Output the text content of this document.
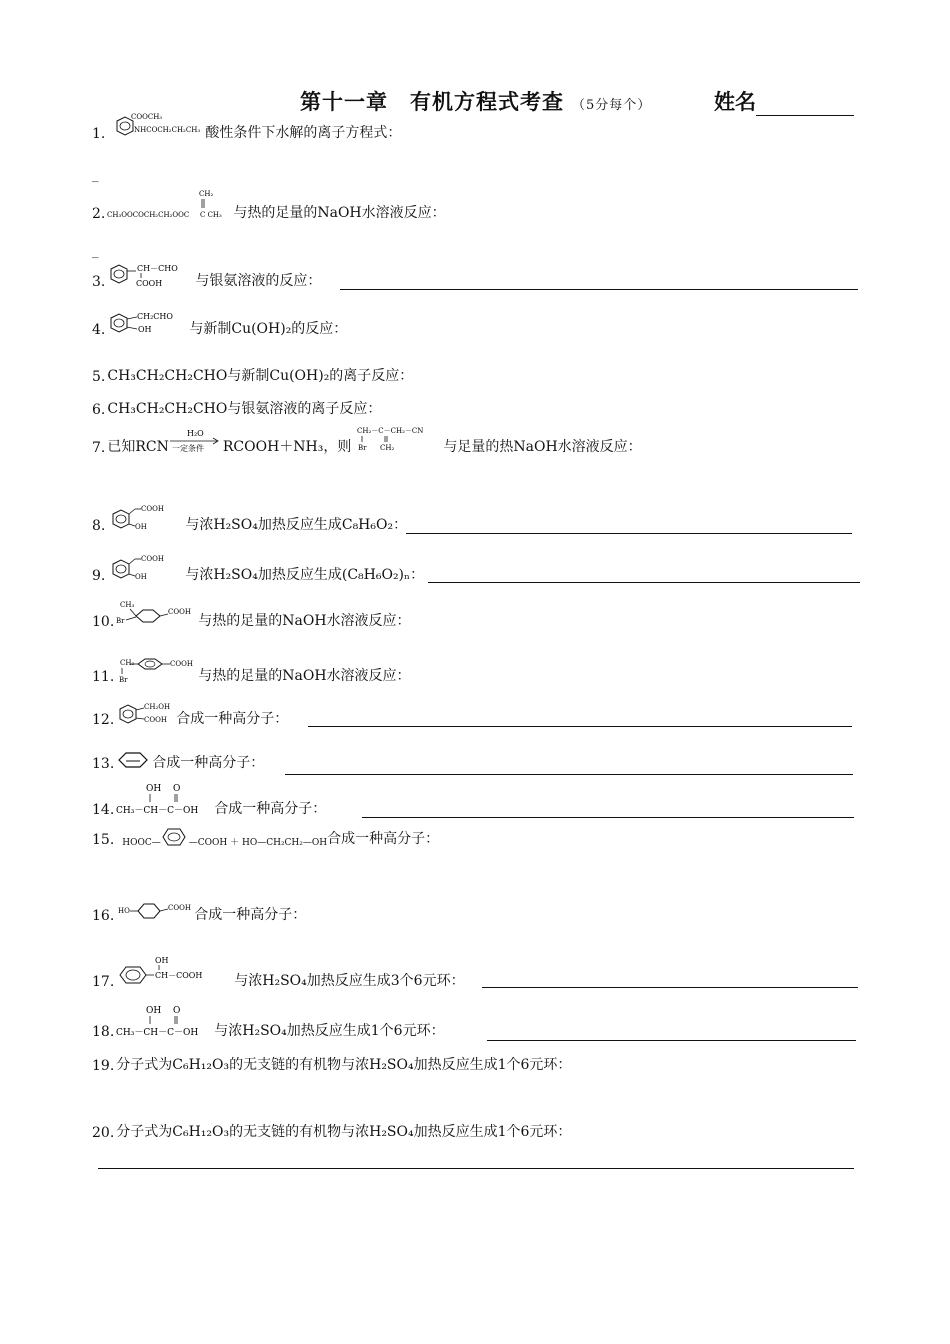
第十一章　有机方程式考查 （5分每个）	姓名
1.
COOCH₃
NHCOCH₂CH₂CH₃ 酸性条件下水解的离子方程式：
_
2.
CH₂
CH₃OOCOCH₂CH₂OOC C CH₃ 与热的足量的NaOH水溶液反应：
_
3.
CH－CHO
COOH 与银氨溶液的反应：
4.
CH₂CHO
OH	与新制Cu(OH)₂的反应：
5. CH₃CH₂CH₂CHO与新制Cu(OH)₂的离子反应：
6. CH₃CH₂CH₂CHO与银氨溶液的离子反应：
7. 已知RCN
H₂O
一定条件 RCOOH＋NH₃，则
CH₂－C－CH₂－CN
Br CH₂	与足量的热NaOH水溶液反应：
8.
COOH
OH	与浓H₂SO₄加热反应生成C₈H₆O₂：
9.
COOH
OH	与浓H₂SO₄加热反应生成(C₈H₆O₂)ₙ：
10.
CH₃
Br
COOH
与热的足量的NaOH水溶液反应：
11.
CH₂
Br
COOH
与热的足量的NaOH水溶液反应：
12.
CH₂OH
COOH 合成一种高分子：
13.	合成一种高分子：
14.
OH O
CH₃－CH－C－OH 合成一种高分子：
15. HOOC—	—COOH ＋ HO—CH₂CH₂—OH 合成一种高分子：
16. HO	COOH 合成一种高分子：
17.
OH
CH－COOH 与浓H₂SO₄加热反应生成3个6元环：
18.
OH O
CH₃－CH－C－OH 与浓H₂SO₄加热反应生成1个6元环：
19. 分子式为C₆H₁₂O₃的无支链的有机物与浓H₂SO₄加热反应生成1个6元环：
20. 分子式为C₆H₁₂O₃的无支链的有机物与浓H₂SO₄加热反应生成1个6元环：
